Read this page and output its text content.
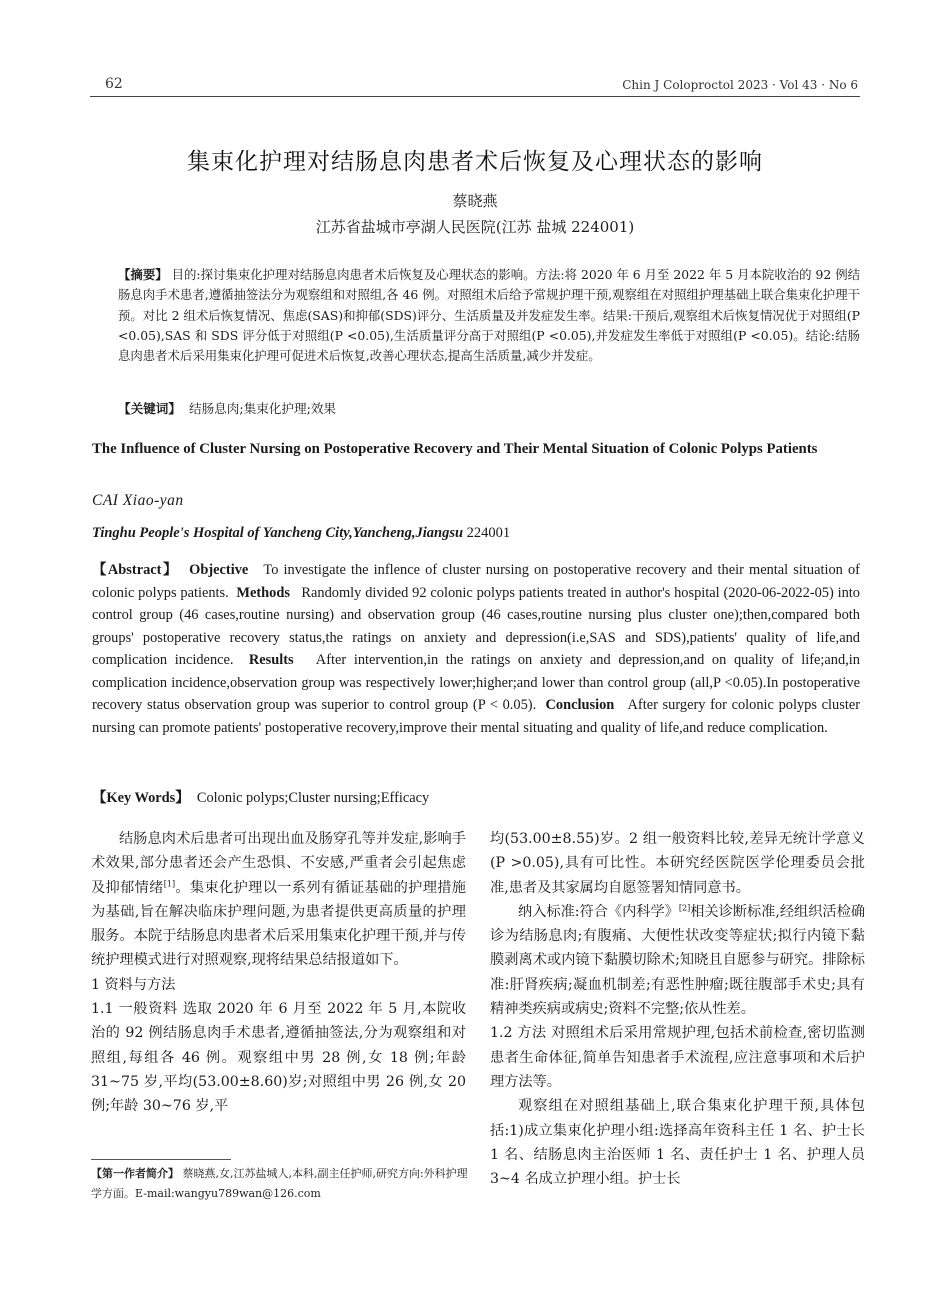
62	Chin J Coloproctol 2023 · Vol 43 · No 6
集束化护理对结肠息肉患者术后恢复及心理状态的影响
蔡晓燕
江苏省盐城市亭湖人民医院(江苏 盐城 224001)
【摘要】 目的:探讨集束化护理对结肠息肉患者术后恢复及心理状态的影响。方法:将 2020 年 6 月至 2022 年 5 月本院收治的 92 例结肠息肉手术患者,遵循抽签法分为观察组和对照组,各 46 例。对照组术后给予常规护理干预,观察组在对照组护理基础上联合集束化护理干预。对比 2 组术后恢复情况、焦虑(SAS)和抑郁(SDS)评分、生活质量及并发症发生率。结果:干预后,观察组术后恢复情况优于对照组(P <0.05),SAS 和 SDS 评分低于对照组(P <0.05),生活质量评分高于对照组(P <0.05),并发症发生率低于对照组(P <0.05)。结论:结肠息肉患者术后采用集束化护理可促进术后恢复,改善心理状态,提高生活质量,减少并发症。
【关键词】 结肠息肉;集束化护理;效果
The Influence of Cluster Nursing on Postoperative Recovery and Their Mental Situation of Colonic Polyps Patients
CAI Xiao-yan
Tinghu People's Hospital of Yancheng City,Yancheng,Jiangsu 224001
【Abstract】 Objective To investigate the inflence of cluster nursing on postoperative recovery and their mental situation of colonic polyps patients. Methods Randomly divided 92 colonic polyps patients treated in author's hospital (2020-06-2022-05) into control group (46 cases,routine nursing) and observation group (46 cases,routine nursing plus cluster one);then,compared both groups' postoperative recovery status,the ratings on anxiety and depression(i.e,SAS and SDS),patients' quality of life,and complication incidence. Results After intervention,in the ratings on anxiety and depression,and on quality of life;and,in complication incidence,observation group was respectively lower;higher;and lower than control group (all,P <0.05).In postoperative recovery status observation group was superior to control group (P < 0.05). Conclusion After surgery for colonic polyps cluster nursing can promote patients' postoperative recovery,improve their mental situating and quality of life,and reduce complication.
【Key Words】 Colonic polyps;Cluster nursing;Efficacy

结肠息肉术后患者可出现出血及肠穿孔等并发症,影响手术效果,部分患者还会产生恐惧、不安感,严重者会引起焦虑及抑郁情绪[1]。集束化护理以一系列有循证基础的护理措施为基础,旨在解决临床护理问题,为患者提供更高质量的护理服务。本院于结肠息肉患者术后采用集束化护理干预,并与传统护理模式进行对照观察,现将结果总结报道如下。

1 资料与方法

1.1 一般资料 选取 2020 年 6 月至 2022 年 5 月,本院收治的 92 例结肠息肉手术患者,遵循抽签法,分为观察组和对照组,每组各 46 例。观察组中男 28 例,女 18 例;年龄 31~75 岁,平均(53.00±8.60)岁;对照组中男 26 例,女 20 例;年龄 30~76 岁,平

均(53.00±8.55)岁。2 组一般资料比较,差异无统计学意义(P >0.05),具有可比性。本研究经医院医学伦理委员会批准,患者及其家属均自愿签署知情同意书。

纳入标准:符合《内科学》[2]相关诊断标准,经组织活检确诊为结肠息肉;有腹痛、大便性状改变等症状;拟行内镜下黏膜剥离术或内镜下黏膜切除术;知晓且自愿参与研究。排除标准:肝肾疾病;凝血机制差;有恶性肿瘤;既往腹部手术史;具有精神类疾病或病史;资料不完整;依从性差。

1.2 方法 对照组术后采用常规护理,包括术前检查,密切监测患者生命体征,简单告知患者手术流程,应注意事项和术后护理方法等。

观察组在对照组基础上,联合集束化护理干预,具体包括:1)成立集束化护理小组:选择高年资科主任 1 名、护士长 1 名、结肠息肉主治医师 1 名、责任护士 1 名、护理人员 3~4 名成立护理小组。护士长

【第一作者简介】 蔡晓燕,女,江苏盐城人,本科,副主任护师,研究方向:外科护理学方面。E-mail:wangyu789wan@126.com
